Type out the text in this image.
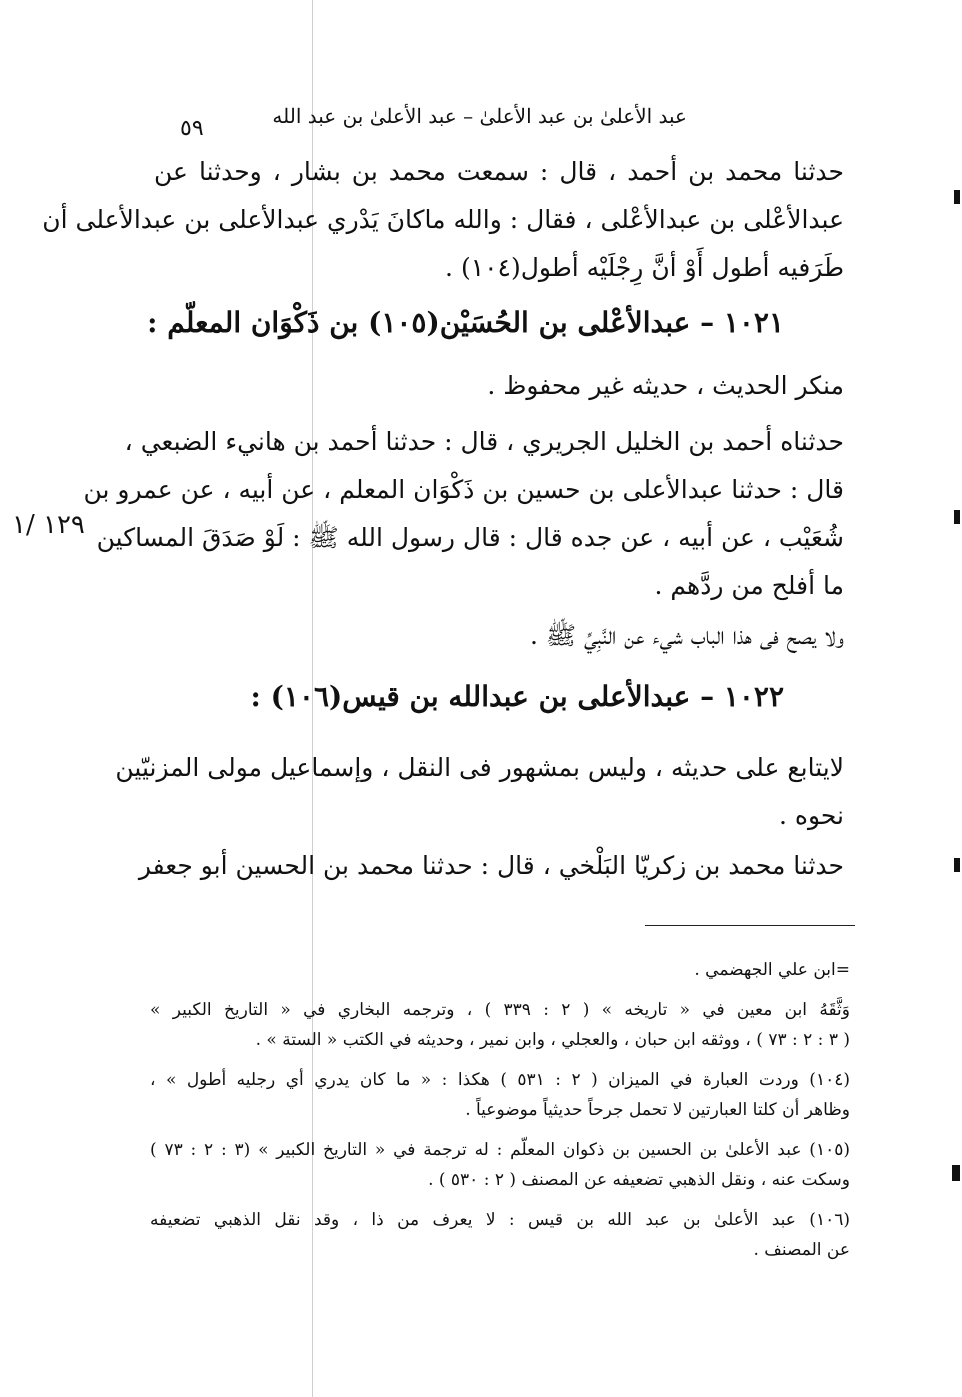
عبد الأعلىٰ بن عبد الأعلىٰ – عبد الأعلىٰ بن عبد الله
٥٩
١٢٩ /١
حدثنا محمد بن أحمد ، قال : سمعت محمد بن بشار ، وحدثنا عن
عبدالأعْلى بن عبدالأعْلى ، فقال : والله ماكانَ يَدْري عبدالأعلى بن عبدالأعلى أن
طَرَفيه أطول أَوْ أنَّ رِجْلَيْه أطول(١٠٤) .
١٠٢١ – عبدالأعْلى بن الحُسَيْن(١٠٥) بن ذَكْوَان المعلّم :
منكر الحديث ، حديثه غير محفوظ .
حدثناه أحمد بن الخليل الجريري ، قال : حدثنا أحمد بن هانيء الضبعي ،
قال : حدثنا عبدالأعلى بن حسين بن ذَكْوَان المعلم ، عن أبيه ، عن عمرو بن
شُعَيْب ، عن أبيه ، عن جده قال : قال رسول الله ﷺ : لَوْ صَدَقَ المساكين
ما أفلح من ردَّهم .
ولا يصح فى هذا الباب شيء عن النَّبِيِّ ﷺ .
١٠٢٢ – عبدالأعلى بن عبدالله بن قيس(١٠٦) :
لايتابع على حديثه ، وليس بمشهور فى النقل ، وإسماعيل مولى المزنيّين
نحوه .
حدثنا محمد بن زكريّا البَلْخي ، قال : حدثنا محمد بن الحسين أبو جعفر
=ابن علي الجهضمي .
وَثَّقَهُ ابن معين في « تاريخه » ( ٢ : ٣٣٩ ) ، وترجمه البخاري في « التاريخ الكبير »
( ٣ : ٢ : ٧٣ ) ، ووثقه ابن حبان ، والعجلي ، وابن نمير ، وحديثه في الكتب « الستة » .
(١٠٤) وردت العبارة في الميزان ( ٢ : ٥٣١ ) هكذا : « ما كان يدري أي رجليه أطول » ،
وظاهر أن كلتا العبارتين لا تحمل جرحاً حديثياً موضوعياً .
(١٠٥) عبد الأعلىٰ بن الحسين بن ذكوان المعلّم : له ترجمة في « التاريخ الكبير » (٣ : ٢ : ٧٣ )
وسكت عنه ، ونقل الذهبي تضعيفه عن المصنف ( ٢ : ٥٣٠ ) .
(١٠٦) عبد الأعلىٰ بن عبد الله بن قيس : لا يعرف من ذا ، وقد نقل الذهبي تضعيفه
عن المصنف .
